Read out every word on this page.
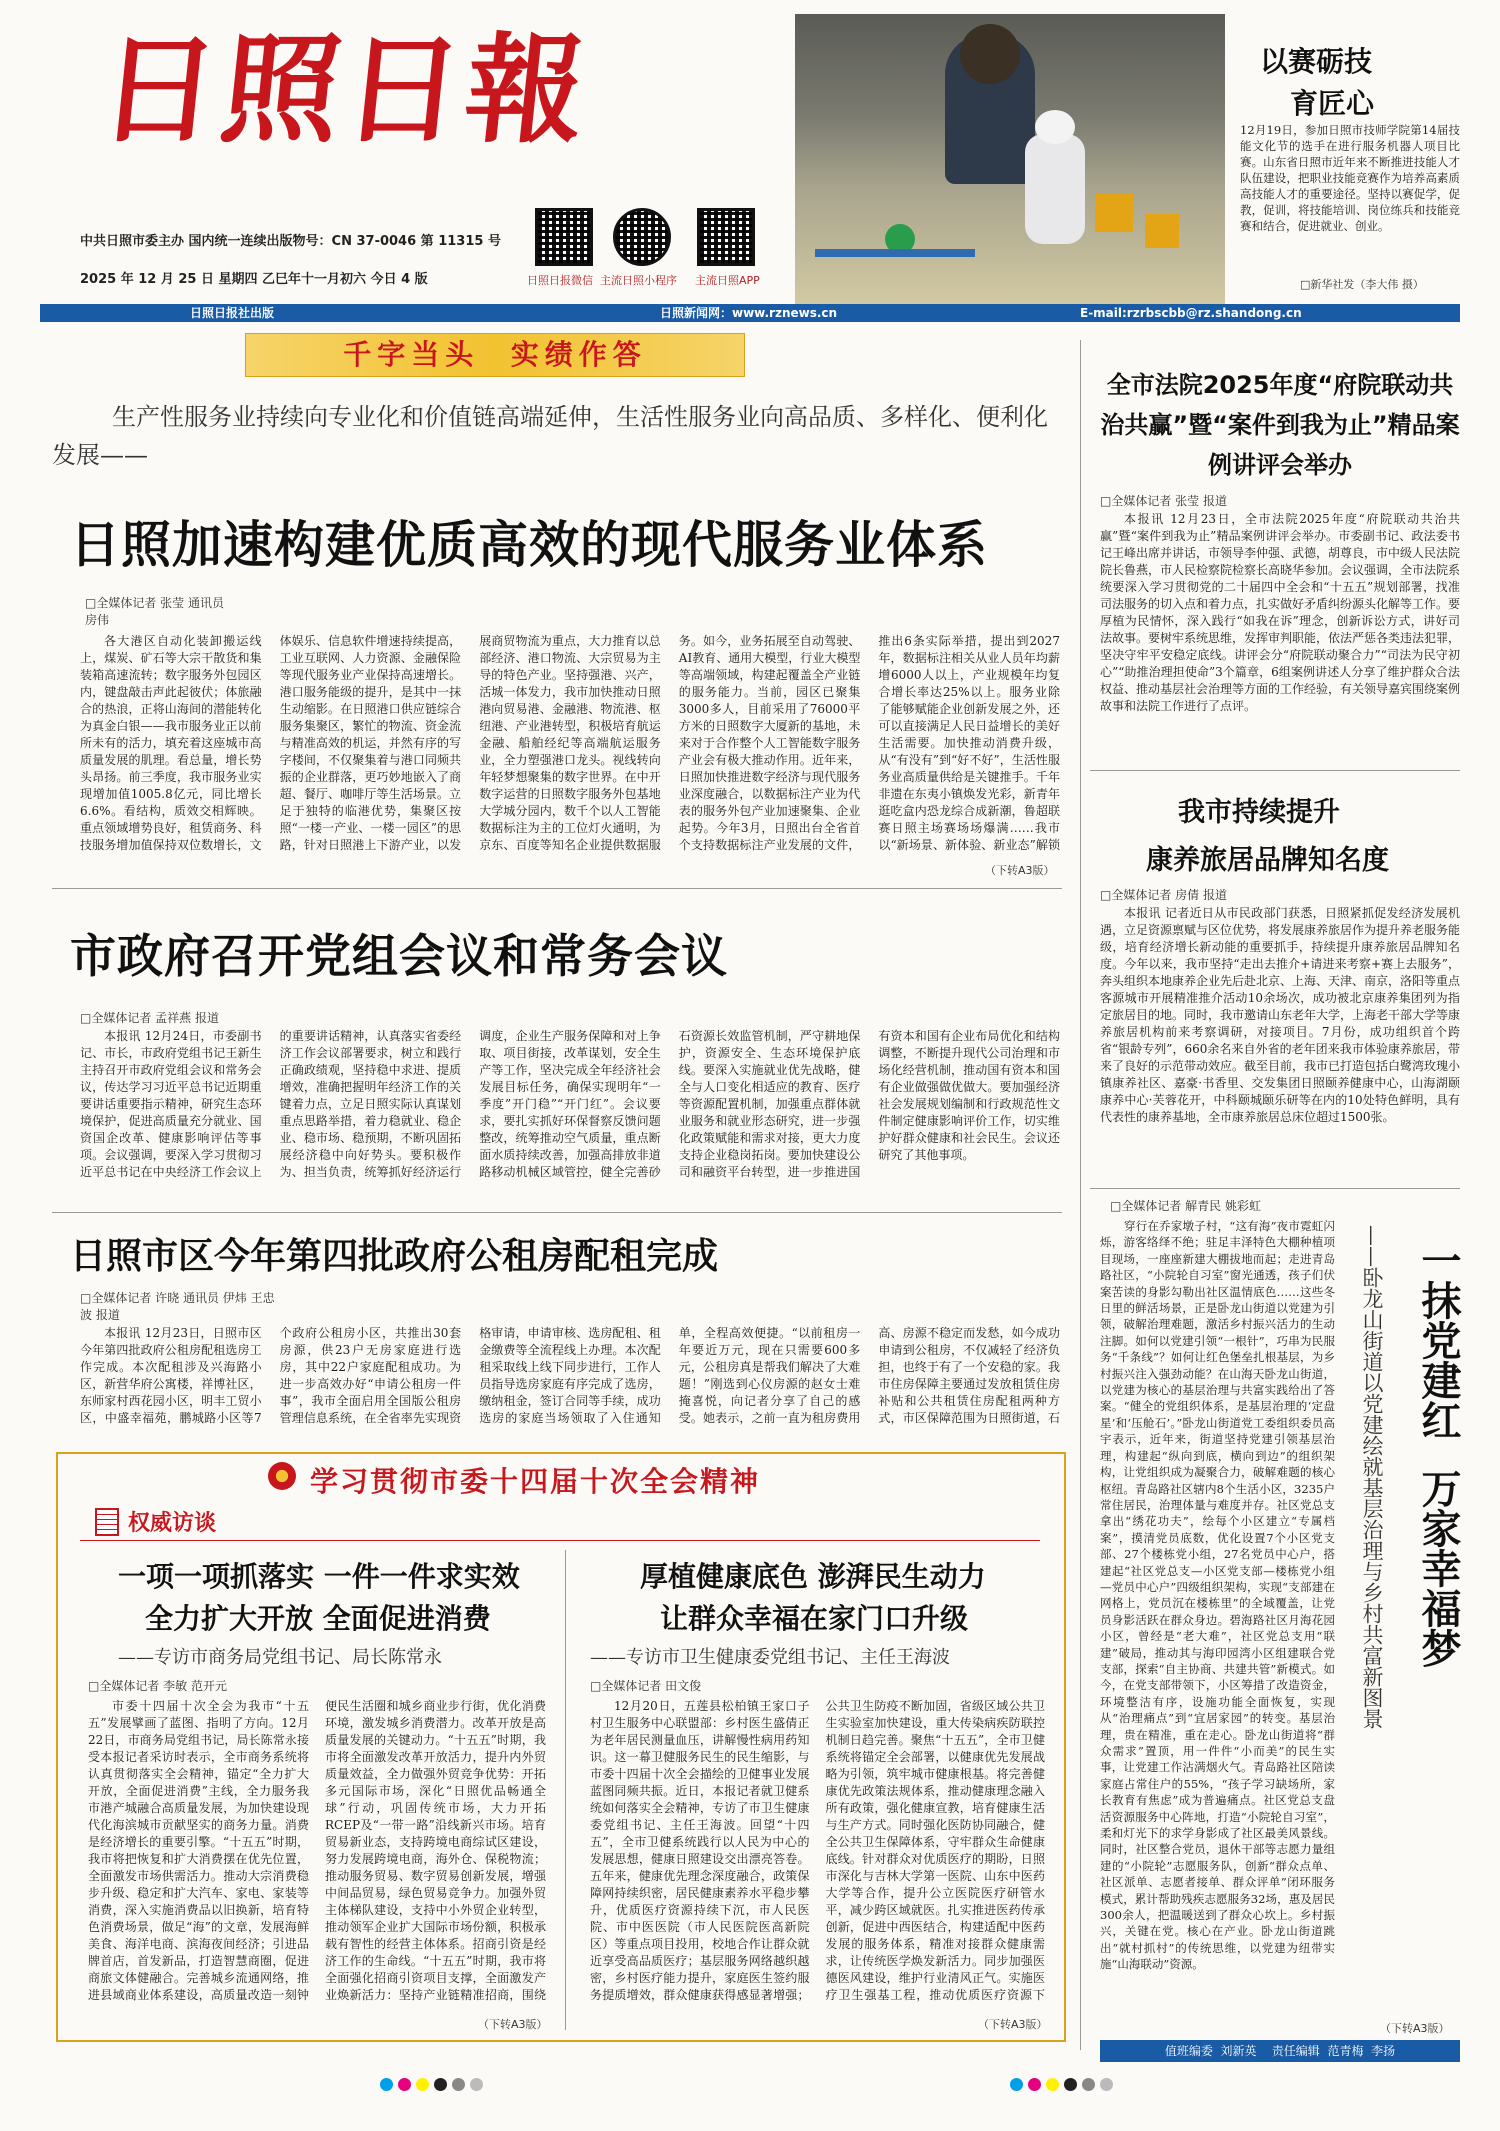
日照日報
中共日照市委主办 国内统一连续出版物号：CN 37-0046 第 11315 号
2025 年 12 月 25 日 星期四 乙巳年十一月初六 今日 4 版	日照日报微信 主流日照小程序 主流日照APP
以赛砺技
育匠心
12月19日，参加日照市技师学院第14届技能文化节的选手在进行服务机器人项目比赛。山东省日照市近年来不断推进技能人才队伍建设，把职业技能竞赛作为培养高素质高技能人才的重要途径。坚持以赛促学，促教，促训，将技能培训、岗位练兵和技能竞赛和结合，促进就业、创业。
□新华社发（李大伟 摄）
日照日报社出版	日照新闻网：www.rznews.cn	E-mail:rzrbscbb@rz.shandong.cn
千字当头  实绩作答
生产性服务业持续向专业化和价值链高端延伸，生活性服务业向高品质、多样化、便利化发展——
日照加速构建优质高效的现代服务业体系
□全媒体记者 张莹 通讯员 房伟
各大港区自动化装卸搬运线上，煤炭、矿石等大宗干散货和集装箱高速流转；数字服务外包园区内，键盘敲击声此起彼伏；体旅融合的热浪，正将山海间的潜能转化为真金白银——我市服务业正以前所未有的活力，填充着这座城市高质量发展的肌理。看总量，增长势头昂扬。前三季度，我市服务业实现增加值1005.8亿元，同比增长6.6%。看结构，质效交相辉映。重点领域增势良好，租赁商务、科技服务增加值保持双位数增长，文体娱乐、信息软件增速持续提高，工业互联网、人力资源、金融保险等现代服务业产业保持高速增长。港口服务能级的提升，是其中一抹生动缩影。在日照港口供应链综合服务集聚区，繁忙的物流、资金流与精准高效的机运，并然有序的写字楼间，不仅聚集着与港口同频共振的企业群落，更巧妙地嵌入了商超、餐厅、咖啡厅等生活场景。立足于独特的临港优势，集聚区按照“一楼一产业、一楼一园区”的思路，针对日照港上下游产业，以发展商贸物流为重点，大力推育以总部经济、港口物流、大宗贸易为主导的特色产业。坚持强港、兴产，活城一体发力，我市加快推动日照港向贸易港、金融港、物流港、枢纽港、产业港转型，积极培育航运金融、船舶经纪等高端航运服务业，全力塑强港口龙头。视线转向年轻梦想聚集的数字世界。在中开数字运营的日照数字服务外包基地大学城分园内，数千个以人工智能数据标注为主的工位灯火通明，为京东、百度等知名企业提供数据服务。如今，业务拓展至自动驾驶、AI教育、通用大模型，行业大模型等高端领域，构建起覆盖全产业链的服务能力。当前，园区已聚集3000多人，目前采用了76000平方米的日照数字大厦新的基地，未来对于合作整个人工智能数字服务产业会有极大推动作用。近年来，日照加快推进数字经济与现代服务业深度融合，以数据标注产业为代表的服务外包产业加速聚集、企业起势。今年3月，日照出台全省首个支持数据标注产业发展的文件，推出6条实际举措，提出到2027年，数据标注相关从业人员年均薪增6000人以上，产业规模年均复合增长率达25%以上。服务业除了能够赋能企业创新发展之外，还可以直接满足人民日益增长的美好生活需要。加快推动消费升级，从“有没有”到“好不好”，生活性服务业高质量供给是关键推手。千年非遗在东夷小镇焕发光彩，新青年逛吃盒内恐龙综合成新潮，鲁超联赛日照主场赛场场爆满……我市以“新场景、新体验、新业态”解锁
（下转A3版）
市政府召开党组会议和常务会议
□全媒体记者 孟祥燕 报道
本报讯 12月24日，市委副书记、市长，市政府党组书记王新生主持召开市政府党组会议和常务会议，传达学习习近平总书记近期重要讲话重要指示精神，研究生态环境保护，促进高质量充分就业、国资国企改革、健康影响评估等事项。会议强调，要深入学习贯彻习近平总书记在中央经济工作会议上的重要讲话精神，认真落实省委经济工作会议部署要求，树立和践行正确政绩观，坚持稳中求进、提质增效，准确把握明年经济工作的关键着力点，立足日照实际认真谋划重点思路举措，着力稳就业、稳企业、稳市场、稳预期，不断巩固拓展经济稳中向好势头。要积极作为、担当负责，统筹抓好经济运行调度，企业生产服务保障和对上争取、项目街接，改革谋划，安全生产等工作，坚决完成全年经济社会发展目标任务，确保实现明年“一季度”开门稳”“开门红”。会议要求，要扎实抓好环保督察反馈问题整改，统筹推动空气质量，重点断面水质持续改善，加强高排放非道路移动机械区域管控，健全完善砂石资源长效监管机制，严守耕地保护，资源安全、生态环境保护底线。要深入实施就业优先战略，健全与人口变化相适应的教育、医疗等资源配置机制，加强重点群体就业服务和就业形态研究，进一步强化政策赋能和需求对接，更大力度支持企业稳岗拓岗。要加快建设公司和融资平台转型，进一步推进国有资本和国有企业布局优化和结构调整，不断提升现代公司治理和市场化经营机制，推动国有资本和国有企业做强做优做大。要加强经济社会发展规划编制和行政规范性文件制定健康影响评价工作，切实维护好群众健康和社会民生。会议还研究了其他事项。
日照市区今年第四批政府公租房配租完成
□全媒体记者 许晓 通讯员 伊炜 王忠波 报道
本报讯 12月23日，日照市区今年第四批政府公租房配租选房工作完成。本次配租涉及兴海路小区，新营华府公寓楼，祥博社区，东师家村西花园小区，明丰工贸小区，中盛幸福苑，鹏城路小区等7个政府公租房小区，共推出30套房源，供23户无房家庭进行选房，其中22户家庭配租成功。为进一步高效办好“申请公租房一件事”，我市全面启用全国版公租房管理信息系统，在全省率先实现资格审请，申请审核、选房配租、租金缴费等全流程线上办理。本次配租采取线上线下同步进行，工作人员指导选房家庭有序完成了选房，缴纳租金，签订合同等手续，成功选房的家庭当场领取了入住通知单，全程高效便捷。“以前租房一年要近万元，现在只需要600多元，公租房真是帮我们解决了大难题！”刚选到心仪房源的赵女士难掩喜悦，向记者分享了自己的感受。她表示，之前一直为租房费用高、房源不稳定而发愁，如今成功申请到公租房，不仅减轻了经济负担，也终于有了一个安稳的家。我市住房保障主要通过发放租赁住房补贴和公共租赁住房配租两种方式，市区保障范围为日照街道，石
学习贯彻市委十四届十次全会精神
权威访谈
一项一项抓落实 一件一件求实效
全力扩大开放 全面促进消费
——专访市商务局党组书记、局长陈常永
□全媒体记者 李敏 范开元
市委十四届十次全会为我市“十五五”发展擘画了蓝图、指明了方向。12月22日，市商务局党组书记，局长陈常永接受本报记者采访时表示，全市商务系统将认真贯彻落实全会精神，锚定“全力扩大开放，全面促进消费”主线，全力服务我市港产城融合高质量发展，为加快建设现代化海滨城市贡献坚实的商务力量。消费是经济增长的重要引擎。“十五五”时期，我市将把恢复和扩大消费摆在优先位置，全面激发市场供需活力。推动大宗消费稳步升级、稳定和扩大汽车、家电、家装等消费，深入实施消费品以旧换新，培育特色消费场景，做足“海”的文章，发展海鲜美食、海洋电商、滨海夜间经济；引进品牌首店，首发新品，打造智慧商圈，促进商旅文体健融合。完善城乡流通网络，推进县域商业体系建设，高质量改造一刻钟便民生活圈和城乡商业步行街，优化消费环境，激发城乡消费潜力。改革开放是高质量发展的关键动力。“十五五”时期，我市将全面激发改革开放活力，提升内外贸质量效益，全力做强外贸竞争优势：开拓多元国际市场，深化“日照优品畅通全球”行动，巩固传统市场，大力开拓RCEP及“一带一路”沿线新兴市场。培育贸易新业态，支持跨境电商综试区建设，努力发展跨境电商，海外仓、保税物流；推动服务贸易、数字贸易创新发展，增强中间品贸易，绿色贸易竞争力。加强外贸主体梯队建设，支持中小外贸企业转型，推动领军企业扩大国际市场份额，积极承载有智性的经营主体体系。招商引资是经济工作的生命线。“十五五”时期，我市将全面强化招商引资项目支撑，全面激发产业焕新活力：坚持产业链精准招商，围绕
（下转A3版）
厚植健康底色 澎湃民生动力
让群众幸福在家门口升级
——专访市卫生健康委党组书记、主任王海波
□全媒体记者 田文俊
12月20日，五莲县松柏镇王家口子村卫生服务中心联盟部：乡村医生盛倩正为老年居民测量血压，讲解慢性病用药知识。这一幕卫健服务民生的民生缩影，与市委十四届十次全会描绘的卫健事业发展蓝图同频共振。近日，本报记者就卫健系统如何落实全会精神，专访了市卫生健康委党组书记、主任王海波。回望“十四五”，全市卫健系统践行以人民为中心的发展思想，健康日照建设交出漂亮答卷。五年来，健康优先理念深度融合，政策保障网持续织密，居民健康素养水平稳步攀升，优质医疗资源持续下沉，市人民医院、市中医医院（市人民医院医高新院区）等重点项目投用，校地合作让群众就近享受高品质医疗；基层服务网络越织越密，乡村医疗能力提升，家庭医生签约服务提质增效，群众健康获得感显著增强；公共卫生防疫不断加固，省级区域公共卫生实验室加快建设，重大传染病疾防联控机制日趋完善。聚焦“十五五”，全市卫健系统将锚定全会部署，以健康优先发展战略为引领，筑牢城市健康根基。将完善健康优先政策法规体系，推动健康理念融入所有政策，强化健康宣教，培育健康生活与生产方式。同时强化医防协同融合，健全公共卫生保障体系，守牢群众生命健康底线。针对群众对优质医疗的期盼，日照市深化与吉林大学第一医院、山东中医药大学等合作，提升公立医院医疗研管水平，减少跨区域就医。扎实推进医药传承创新，促进中西医结合，构建适配中医药发展的服务体系，精准对接群众健康需求，让传统医学焕发新活力。同步加强医德医风建设，维护行业清风正气。实施医疗卫生强基工程，推动优质医疗资源下
（下转A3版）
全市法院2025年度“府院联动共治共赢”暨“案件到我为止”精品案例讲评会举办
□全媒体记者 张莹 报道
本报讯 12月23日，全市法院2025年度“府院联动共治共赢”暨“案件到我为止”精品案例讲评会举办。市委副书记、政法委书记王峰出席并讲话，市领导李仲强、武德，胡尊良，市中级人民法院院长鲁燕，市人民检察院检察长高晓华参加。会议强调，全市法院系统要深入学习贯彻党的二十届四中全会和“十五五”规划部署，找准司法服务的切入点和着力点，扎实做好矛盾纠纷源头化解等工作。要厚植为民情怀，深入践行“如我在诉”理念，创新诉讼方式，讲好司法故事。要树牢系统思维，发挥审判职能，依法严惩各类违法犯罪，坚决守牢平安稳定底线。讲评会分“府院联动聚合力”“司法为民守初心”“助推治理担使命”3个篇章，6组案例讲述人分享了维护群众合法权益、推动基层社会治理等方面的工作经验，有关领导嘉宾围绕案例故事和法院工作进行了点评。
我市持续提升
康养旅居品牌知名度
□全媒体记者 房倩 报道
本报讯 记者近日从市民政部门获悉，日照紧抓促发经济发展机遇，立足资源禀赋与区位优势，将发展康养旅居作为提升养老服务能级，培育经济增长新动能的重要抓手，持续提升康养旅居品牌知名度。今年以来，我市坚持“走出去推介+请进来考察+赛上去服务”，奔头组织本地康养企业先后赴北京、上海、天津、南京，洛阳等重点客源城市开展精准推介活动10余场次，成功被北京康养集团列为指定旅居目的地。同时，我市邀请山东老年大学，上海老干部大学等康养旅居机构前来考察调研，对接项目。7月份，成功组织首个跨省“银龄专列”，660余名来自外省的老年团来我市体验康养旅居，带来了良好的示范带动效应。截至目前，我市已打造包括白鹭湾玫瑰小镇康养社区、嘉豪·书香里、交发集团日照颐养健康中心，山海湖颐康养中心·芙蓉花开，中科颐城颐乐研等在内的10处特色鲜明，具有代表性的康养基地，全市康养旅居总床位超过1500张。
□全媒体记者 解青民 姚彩虹
一抹党建红  万家幸福梦
——卧龙山街道以党建绘就基层治理与乡村共富新图景
穿行在乔家墩子村，“这有海”夜市霓虹闪烁，游客络绎不绝；驻足丰泽特色大棚种植项目现场，一座座新建大棚拔地而起；走进青岛路社区，“小院轮自习室”窗光通透，孩子们伏案苦读的身影勾勒出社区温情底色……这些冬日里的鲜活场景，正是卧龙山街道以党建为引领，破解治理难题，激活乡村振兴活力的生动注脚。如何以党建引领“一根针”，巧串为民服务“千条线”？如何让红色堡垒扎根基层，为乡村振兴注入强劲动能？在山海天卧龙山街道，以党建为核心的基层治理与共富实践给出了答案。“健全的党组织体系，是基层治理的‘定盘星’和‘压舱石’。”卧龙山街道党工委组织委员高宇表示，近年来，街道坚持党建引领基层治理，构建起“纵向到底，横向到边”的组织架构，让党组织成为凝聚合力，破解难题的核心枢纽。青岛路社区辖内8个生活小区，3235户常住居民，治理体量与难度并存。社区党总支拿出“绣花功夫”，绘每个小区建立“专属档案”，摸清党员底数，优化设置7个小区党支部、27个楼栋党小组，27名党员中心户，搭建起“社区党总支—小区党支部—楼栋党小组—党员中心户”四级组织架构，实现“支部建在网格上，党员沉在楼栋里”的全域覆盖，让党员身影活跃在群众身边。碧海路社区月海花园小区，曾经是“老大难”，社区党总支用“联建”破局，推动其与海印园湾小区组建联合党支部，探索“自主协商、共建共管”新模式。如今，在党支部带领下，小区筹措了改造资金，环境整洁有序，设施功能全面恢复，实现从“治理痛点”到“宜居家园”的转变。基层治理，贵在精准，重在走心。卧龙山街道将“群众需求”置顶，用一件件“小而美”的民生实事，让党建工作沾满烟火气。青岛路社区陪读家庭占常住户的55%，“孩子学习缺场所，家长教育有焦虑”成为普遍痛点。社区党总支盘活资源服务中心阵地，打造“小院轮自习室”，柔和灯光下的求学身影成了社区最美风景线。同时，社区整合党员，退休干部等志愿力量组建的“小院轮”志愿服务队，创新“群众点单、社区派单、志愿者接单、群众评单”闭环服务模式，累计帮助残疾志愿服务32场，惠及居民300余人，把温暖送到了群众心坎上。乡村振兴，关键在党。核心在产业。卧龙山街道跳出“就村抓村”的传统思维，以党建为纽带实施“山海联动”资源。
（下转A3版）
值班编委  刘新英    责任编辑  范青梅  李扬
